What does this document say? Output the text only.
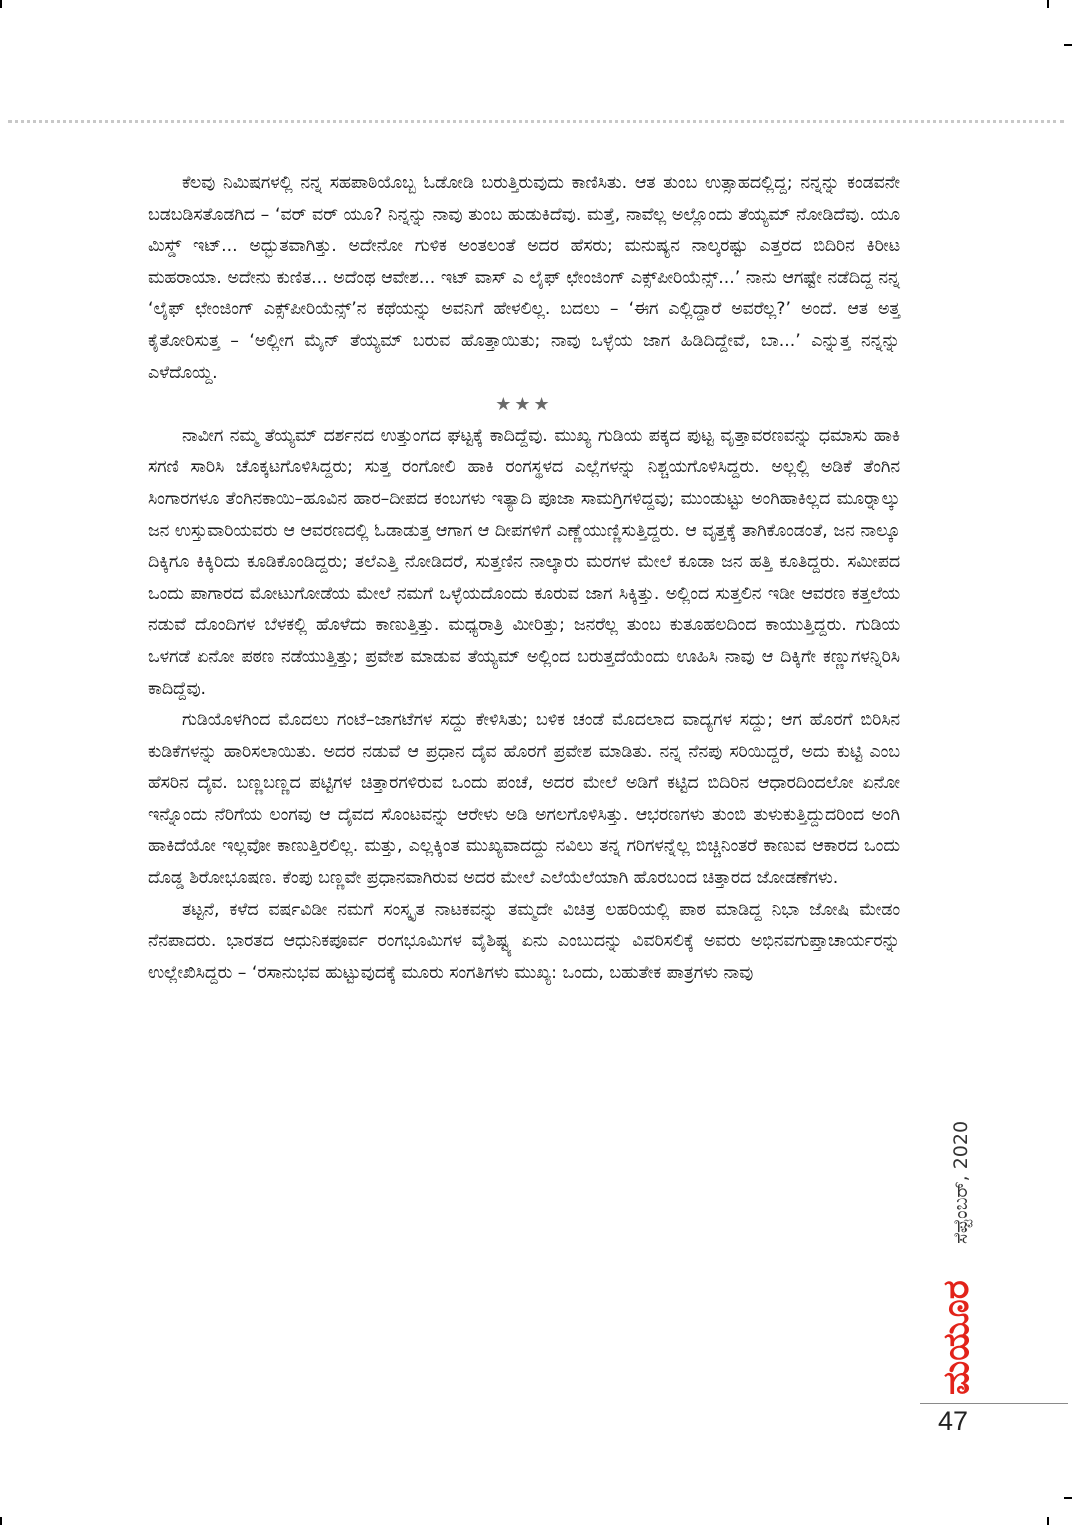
ಕೆಲವು ನಿಮಿಷಗಳಲ್ಲಿ ನನ್ನ ಸಹಪಾಠಿಯೊಬ್ಬ ಓಡೋಡಿ ಬರುತ್ತಿರುವುದು ಕಾಣಿಸಿತು. ಆತ ತುಂಬ ಉತ್ಸಾಹದಲ್ಲಿದ್ದ; ನನ್ನನ್ನು ಕಂಡವನೇ ಬಡಬಡಿಸತೊಡಗಿದ – ‘ವರ್ ವರ್ ಯೂ? ನಿನ್ನನ್ನು ನಾವು ತುಂಬ ಹುಡುಕಿದೆವು. ಮತ್ತೆ, ನಾವೆಲ್ಲ ಅಲ್ಲೊಂದು ತೆಯ್ಯಮ್ ನೋಡಿದೆವು. ಯೂ ಮಿಸ್ಡ್ ಇಟ್... ಅದ್ಭುತವಾಗಿತ್ತು. ಅದೇನೋ ಗುಳಿಕ ಅಂತಲಂತೆ ಅದರ ಹೆಸರು; ಮನುಷ್ಯನ ನಾಲ್ಕರಷ್ಟು ಎತ್ತರದ ಬಿದಿರಿನ ಕಿರೀಟ ಮಹರಾಯಾ. ಅದೇನು ಕುಣಿತ... ಅದೆಂಥ ಆವೇಶ... ಇಟ್ ವಾಸ್ ಎ ಲೈಫ್ ಛೇಂಜಿಂಗ್ ಎಕ್ಸ್‌ಪೀರಿಯೆನ್ಸ್...’ ನಾನು ಆಗಷ್ಟೇ ನಡೆದಿದ್ದ ನನ್ನ ‘ಲೈಫ್ ಛೇಂಜಿಂಗ್ ಎಕ್ಸ್‌ಪೀರಿಯೆನ್ಸ್’ನ ಕಥೆಯನ್ನು ಅವನಿಗೆ ಹೇಳಲಿಲ್ಲ. ಬದಲು – ‘ಈಗ ಎಲ್ಲಿದ್ದಾರೆ ಅವರೆಲ್ಲ?’ ಅಂದೆ. ಆತ ಅತ್ತ ಕೈತೋರಿಸುತ್ತ – ‘ಅಲ್ಲೀಗ ಮೈನ್ ತೆಯ್ಯಮ್ ಬರುವ ಹೊತ್ತಾಯಿತು; ನಾವು ಒಳ್ಳೆಯ ಜಾಗ ಹಿಡಿದಿದ್ದೇವೆ, ಬಾ...’ ಎನ್ನುತ್ತ ನನ್ನನ್ನು ಎಳೆದೊಯ್ದ.

★★★

ನಾವೀಗ ನಮ್ಮ ತೆಯ್ಯಮ್ ದರ್ಶನದ ಉತ್ತುಂಗದ ಘಟ್ಟಕ್ಕೆ ಕಾದಿದ್ದೆವು. ಮುಖ್ಯ ಗುಡಿಯ ಪಕ್ಕದ ಪುಟ್ಟ ವೃತ್ತಾವರಣವನ್ನು ಧಮಾಸು ಹಾಕಿ ಸಗಣಿ ಸಾರಿಸಿ ಚೊಕ್ಕಟಗೊಳಿಸಿದ್ದರು; ಸುತ್ತ ರಂಗೋಲಿ ಹಾಕಿ ರಂಗಸ್ಥಳದ ಎಲ್ಲೆಗಳನ್ನು ನಿಶ್ಚಯಗೊಳಿಸಿದ್ದರು. ಅಲ್ಲಲ್ಲಿ ಅಡಿಕೆ ತೆಂಗಿನ ಸಿಂಗಾರಗಳೂ ತೆಂಗಿನಕಾಯಿ–ಹೂವಿನ ಹಾರ–ದೀಪದ ಕಂಬಗಳು ಇತ್ಯಾದಿ ಪೂಜಾ ಸಾಮಗ್ರಿಗಳಿದ್ದವು; ಮುಂಡುಟ್ಟು ಅಂಗಿಹಾಕಿಲ್ಲದ ಮೂರ್‍ನಾಲ್ಕು ಜನ ಉಸ್ತುವಾರಿಯವರು ಆ ಆವರಣದಲ್ಲಿ ಓಡಾಡುತ್ತ ಆಗಾಗ ಆ ದೀಪಗಳಿಗೆ ಎಣ್ಣೆಯುಣ್ಣಿಸುತ್ತಿದ್ದರು. ಆ ವೃತ್ತಕ್ಕೆ ತಾಗಿಕೊಂಡಂತೆ, ಜನ ನಾಲ್ಕೂ ದಿಕ್ಕಿಗೂ ಕಿಕ್ಕಿರಿದು ಕೂಡಿಕೊಂಡಿದ್ದರು; ತಲೆಎತ್ತಿ ನೋಡಿದರೆ, ಸುತ್ತಣಿನ ನಾಲ್ಕಾರು ಮರಗಳ ಮೇಲೆ ಕೂಡಾ ಜನ ಹತ್ತಿ ಕೂತಿದ್ದರು. ಸಮೀಪದ ಒಂದು ಪಾಗಾರದ ಮೋಟುಗೋಡೆಯ ಮೇಲೆ ನಮಗೆ ಒಳ್ಳೆಯದೊಂದು ಕೂರುವ ಜಾಗ ಸಿಕ್ಕಿತ್ತು. ಅಲ್ಲಿಂದ ಸುತ್ತಲಿನ ಇಡೀ ಆವರಣ ಕತ್ತಲೆಯ ನಡುವೆ ದೊಂದಿಗಳ ಬೆಳಕಲ್ಲಿ ಹೊಳೆದು ಕಾಣುತ್ತಿತ್ತು. ಮಧ್ಯರಾತ್ರಿ ಮೀರಿತ್ತು; ಜನರೆಲ್ಲ ತುಂಬ ಕುತೂಹಲದಿಂದ ಕಾಯುತ್ತಿದ್ದರು. ಗುಡಿಯ ಒಳಗಡೆ ಏನೋ ಪಠಣ ನಡೆಯುತ್ತಿತ್ತು; ಪ್ರವೇಶ ಮಾಡುವ ತೆಯ್ಯಮ್ ಅಲ್ಲಿಂದ ಬರುತ್ತದೆಯೆಂದು ಊಹಿಸಿ ನಾವು ಆ ದಿಕ್ಕಿಗೇ ಕಣ್ಣುಗಳನ್ನಿರಿಸಿ ಕಾದಿದ್ದೆವು.

ಗುಡಿಯೊಳಗಿಂದ ಮೊದಲು ಗಂಟೆ–ಜಾಗಟೆಗಳ ಸದ್ದು ಕೇಳಿಸಿತು; ಬಳಿಕ ಚಂಡೆ ಮೊದಲಾದ ವಾದ್ಯಗಳ ಸದ್ದು; ಆಗ ಹೊರಗೆ ಬಿರಿಸಿನ ಕುಡಿಕೆಗಳನ್ನು ಹಾರಿಸಲಾಯಿತು. ಅದರ ನಡುವೆ ಆ ಪ್ರಧಾನ ದೈವ ಹೊರಗೆ ಪ್ರವೇಶ ಮಾಡಿತು. ನನ್ನ ನೆನಪು ಸರಿಯಿದ್ದರೆ, ಅದು ಕುಟ್ಟಿ ಎಂಬ ಹೆಸರಿನ ದೈವ. ಬಣ್ಣಬಣ್ಣದ ಪಟ್ಟಿಗಳ ಚಿತ್ತಾರಗಳಿರುವ ಒಂದು ಪಂಚೆ, ಅದರ ಮೇಲೆ ಅಡಿಗೆ ಕಟ್ಟಿದ ಬಿದಿರಿನ ಆಧಾರದಿಂದಲೋ ಏನೋ ಇನ್ನೊಂದು ನೆರಿಗೆಯ ಲಂಗವು ಆ ದೈವದ ಸೊಂಟವನ್ನು ಆರೇಳು ಅಡಿ ಅಗಲಗೊಳಿಸಿತ್ತು. ಆಭರಣಗಳು ತುಂಬಿ ತುಳುಕುತ್ತಿದ್ದುದರಿಂದ ಅಂಗಿ ಹಾಕಿದೆಯೋ ಇಲ್ಲವೋ ಕಾಣುತ್ತಿರಲಿಲ್ಲ. ಮತ್ತು, ಎಲ್ಲಕ್ಕಿಂತ ಮುಖ್ಯವಾದದ್ದು ನವಿಲು ತನ್ನ ಗರಿಗಳನ್ನೆಲ್ಲ ಬಿಚ್ಚಿನಿಂತರೆ ಕಾಣುವ ಆಕಾರದ ಒಂದು ದೊಡ್ಡ ಶಿರೋಭೂಷಣ. ಕೆಂಪು ಬಣ್ಣವೇ ಪ್ರಧಾನವಾಗಿರುವ ಅದರ ಮೇಲೆ ಎಲೆಯೆಲೆಯಾಗಿ ಹೊರಬಂದ ಚಿತ್ತಾರದ ಜೋಡಣೆಗಳು.

ತಟ್ಟನೆ, ಕಳೆದ ವರ್ಷವಿಡೀ ನಮಗೆ ಸಂಸ್ಕೃತ ನಾಟಕವನ್ನು ತಮ್ಮದೇ ವಿಚಿತ್ರ ಲಹರಿಯಲ್ಲಿ ಪಾಠ ಮಾಡಿದ್ದ ನಿಭಾ ಜೋಷಿ ಮೇಡಂ ನೆನಪಾದರು. ಭಾರತದ ಆಧುನಿಕಪೂರ್ವ ರಂಗಭೂಮಿಗಳ ವೈಶಿಷ್ಟ್ಯ ಏನು ಎಂಬುದನ್ನು ವಿವರಿಸಲಿಕ್ಕೆ ಅವರು ಅಭಿನವಗುಪ್ತಾಚಾರ್ಯರನ್ನು ಉಲ್ಲೇಖಿಸಿದ್ದರು – ‘ರಸಾನುಭವ ಹುಟ್ಟುವುದಕ್ಕೆ ಮೂರು ಸಂಗತಿಗಳು ಮುಖ್ಯ: ಒಂದು, ಬಹುತೇಕ ಪಾತ್ರಗಳು ನಾವು

ಸೆಪ್ಟೆಂಬರ್, 2020
ಮಯೂರ
47
